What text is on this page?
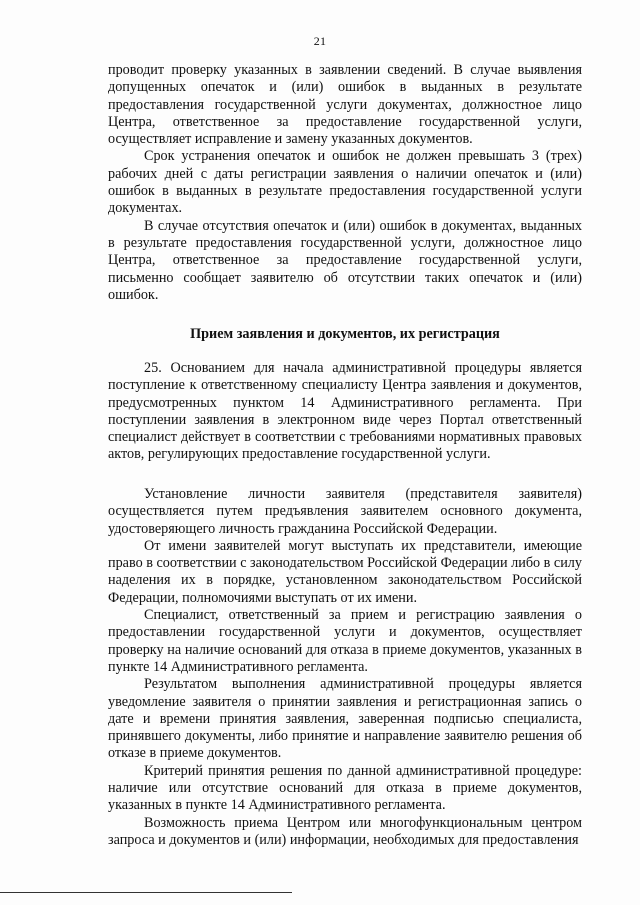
21

проводит проверку указанных в заявлении сведений. В случае выявления допущенных опечаток и (или) ошибок в выданных в результате предоставления государственной услуги документах, должностное лицо Центра, ответственное за предоставление государственной услуги, осуществляет исправление и замену указанных документов.

Срок устранения опечаток и ошибок не должен превышать 3 (трех) рабочих дней с даты регистрации заявления о наличии опечаток и (или) ошибок в выданных в результате предоставления государственной услуги документах.

В случае отсутствия опечаток и (или) ошибок в документах, выданных в результате предоставления государственной услуги, должностное лицо Центра, ответственное за предоставление государственной услуги, письменно сообщает заявителю об отсутствии таких опечаток и (или) ошибок.

Прием заявления и документов, их регистрация

25. Основанием для начала административной процедуры является поступление к ответственному специалисту Центра заявления и документов, предусмотренных пунктом 14 Административного регламента. При поступлении заявления в электронном виде через Портал ответственный специалист действует в соответствии с требованиями нормативных правовых актов, регулирующих предоставление государственной услуги.

Установление личности заявителя (представителя заявителя) осуществляется путем предъявления заявителем основного документа, удостоверяющего личность гражданина Российской Федерации.

От имени заявителей могут выступать их представители, имеющие право в соответствии с законодательством Российской Федерации либо в силу наделения их в порядке, установленном законодательством Российской Федерации, полномочиями выступать от их имени.

Специалист, ответственный за прием и регистрацию заявления о предоставлении государственной услуги и документов, осуществляет проверку на наличие оснований для отказа в приеме документов, указанных в пункте 14 Административного регламента.

Результатом выполнения административной процедуры является уведомление заявителя о принятии заявления и регистрационная запись о дате и времени принятия заявления, заверенная подписью специалиста, принявшего документы, либо принятие и направление заявителю решения об отказе в приеме документов.

Критерий принятия решения по данной административной процедуре: наличие или отсутствие оснований для отказа в приеме документов, указанных в пункте 14 Административного регламента.

Возможность приема Центром или многофункциональным центром запроса и документов и (или) информации, необходимых для предоставления
